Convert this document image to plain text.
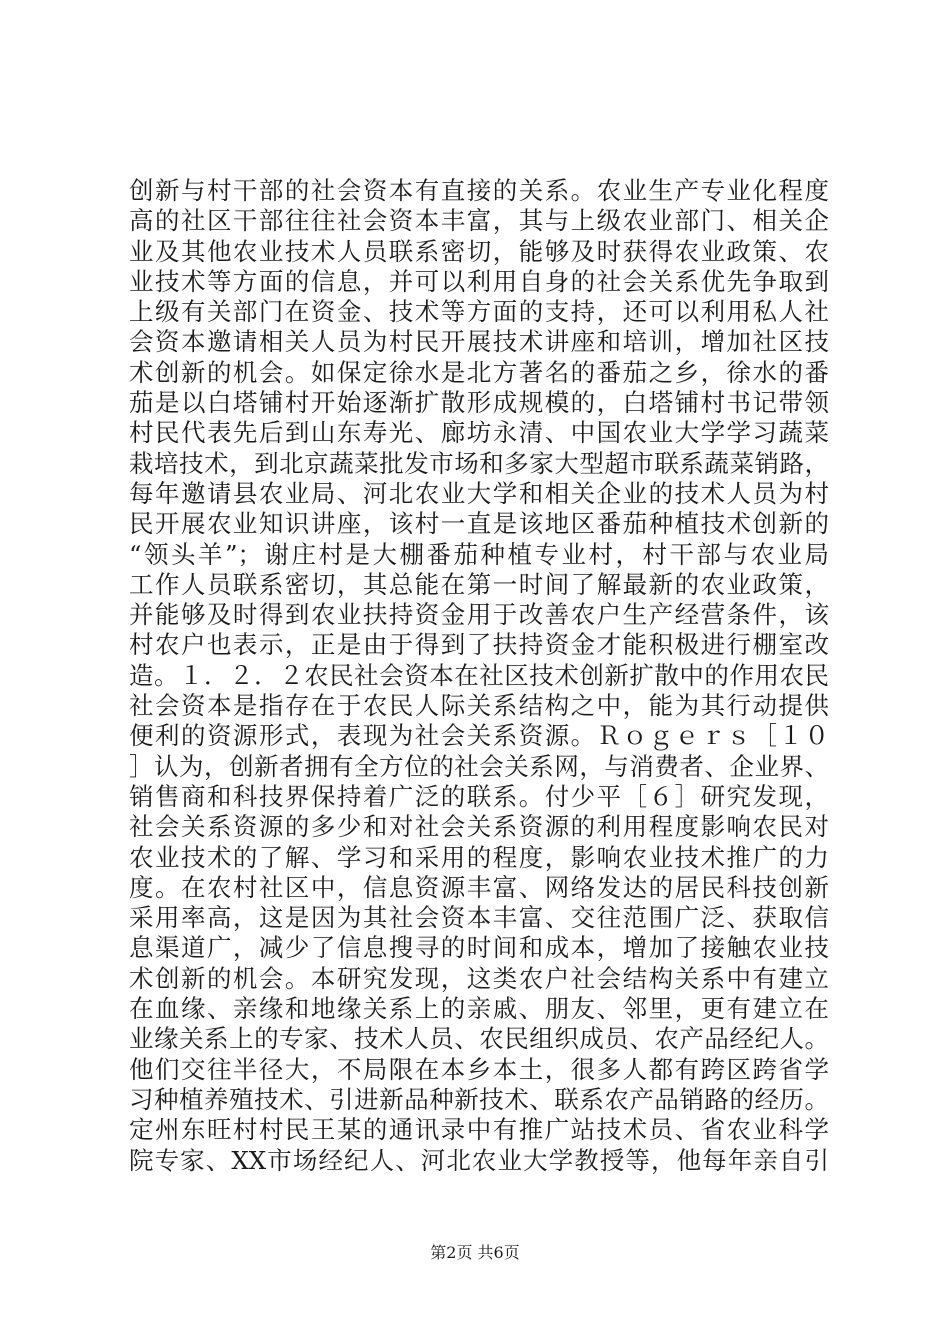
创新与村干部的社会资本有直接的关系。农业生产专业化程度
高的社区干部往往社会资本丰富，其与上级农业部门、相关企
业及其他农业技术人员联系密切，能够及时获得农业政策、农
业技术等方面的信息，并可以利用自身的社会关系优先争取到
上级有关部门在资金、技术等方面的支持，还可以利用私人社
会资本邀请相关人员为村民开展技术讲座和培训，增加社区技
术创新的机会。如保定徐水是北方著名的番茄之乡，徐水的番
茄是以白塔铺村开始逐渐扩散形成规模的，白塔铺村书记带领
村民代表先后到山东寿光、廊坊永清、中国农业大学学习蔬菜
栽培技术，到北京蔬菜批发市场和多家大型超市联系蔬菜销路，
每年邀请县农业局、河北农业大学和相关企业的技术人员为村
民开展农业知识讲座，该村一直是该地区番茄种植技术创新的
“领头羊”；谢庄村是大棚番茄种植专业村，村干部与农业局
工作人员联系密切，其总能在第一时间了解最新的农业政策，
并能够及时得到农业扶持资金用于改善农户生产经营条件，该
村农户也表示，正是由于得到了扶持资金才能积极进行棚室改
造。１．２．２农民社会资本在社区技术创新扩散中的作用农民
社会资本是指存在于农民人际关系结构之中，能为其行动提供
便利的资源形式，表现为社会关系资源。Ｒｏｇｅｒｓ［１０
］认为，创新者拥有全方位的社会关系网，与消费者、企业界、
销售商和科技界保持着广泛的联系。付少平［６］研究发现，
社会关系资源的多少和对社会关系资源的利用程度影响农民对
农业技术的了解、学习和采用的程度，影响农业技术推广的力
度。在农村社区中，信息资源丰富、网络发达的居民科技创新
采用率高，这是因为其社会资本丰富、交往范围广泛、获取信
息渠道广，减少了信息搜寻的时间和成本，增加了接触农业技
术创新的机会。本研究发现，这类农户社会结构关系中有建立
在血缘、亲缘和地缘关系上的亲戚、朋友、邻里，更有建立在
业缘关系上的专家、技术人员、农民组织成员、农产品经纪人。
他们交往半径大，不局限在本乡本土，很多人都有跨区跨省学
习种植养殖技术、引进新品种新技术、联系农产品销路的经历。
定州东旺村村民王某的通讯录中有推广站技术员、省农业科学
院专家、XX市场经纪人、河北农业大学教授等，他每年亲自引
第2页 共6页
